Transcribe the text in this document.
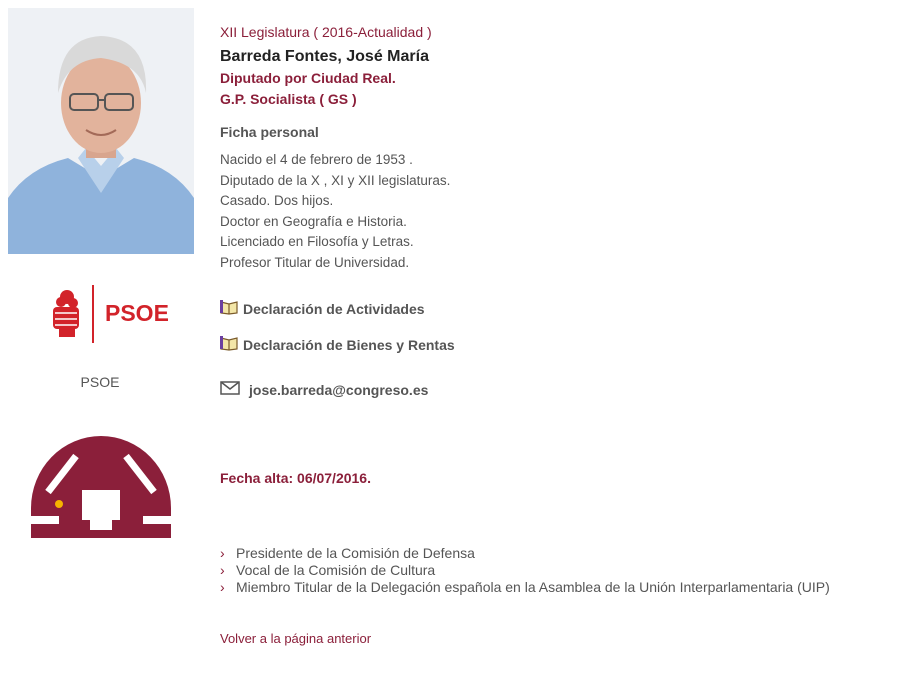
PSOE
PSOE
XII Legislatura ( 2016-Actualidad )
Barreda Fontes, José María
Diputado por Ciudad Real.
G.P. Socialista ( GS )
Ficha personal
Nacido el 4 de febrero de 1953 .
Diputado de la X , XI y XII legislaturas.
Casado. Dos hijos.
Doctor en Geografía e Historia.
Licenciado en Filosofía y Letras.
Profesor Titular de Universidad.
Declaración de Actividades
Declaración de Bienes y Rentas
jose.barreda@congreso.es
Fecha alta: 06/07/2016.
› Presidente de la Comisión de Defensa
› Vocal de la Comisión de Cultura
› Miembro Titular de la Delegación española en la Asamblea de la Unión Interparlamentaria (UIP)
Volver a la página anterior
